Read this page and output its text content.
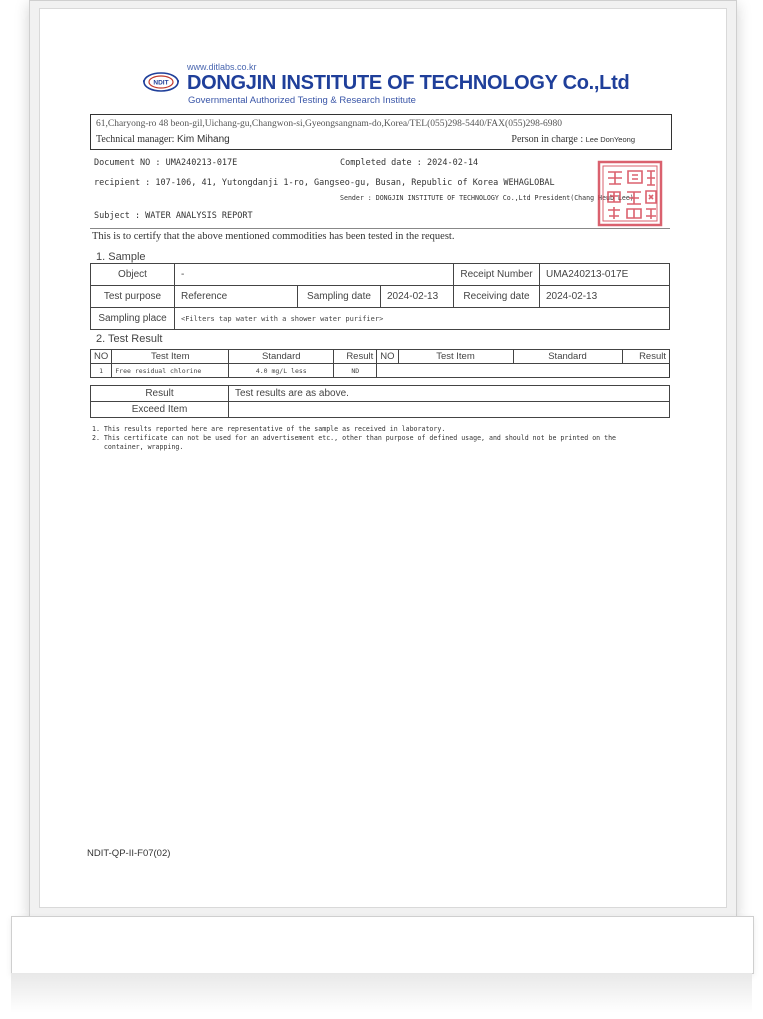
NDIT
www.ditlabs.co.kr
DONGJIN INSTITUTE OF TECHNOLOGY Co.,Ltd
Governmental Authorized Testing & Research Institute
61,Charyong-ro 48 beon-gil,Uichang-gu,Changwon-si,Gyeongsangnam-do,Korea/TEL(055)298-5440/FAX(055)298-6980
Technical manager: Kim Mihang	Person in charge : Lee DonYeong
Document NO : UMA240213-017E	Completed date : 2024-02-14
recipient : 107-106, 41, Yutongdanji 1-ro, Gangseo-gu, Busan, Republic of Korea WEHAGLOBAL
Sender : DONGJIN INSTITUTE OF TECHNOLOGY Co.,Ltd President(Chang Heub Lee)
Subject : WATER ANALYSIS REPORT
This is to certify that the above mentioned commodities has been tested in the request.
1. Sample
Object	-			Receipt Number	UMA240213-017E
Test purpose	Reference	Sampling date	2024-02-13	Receiving date	2024-02-13
Sampling place	<Filters tap water with a shower water purifier>				
2. Test Result
NO	Test Item	Standard	Result	NO	Test Item	Standard	Result
1	Free residual chlorine	4.0 mg/L less	ND				
Result	Test results are as above.
Exceed Item	
1. This results reported here are representative of the sample as received in laboratory.
2. This certificate can not be used for an advertisement etc., other than purpose of defined usage, and should not be printed on the
container, wrapping.
NDIT-QP-II-F07(02)
